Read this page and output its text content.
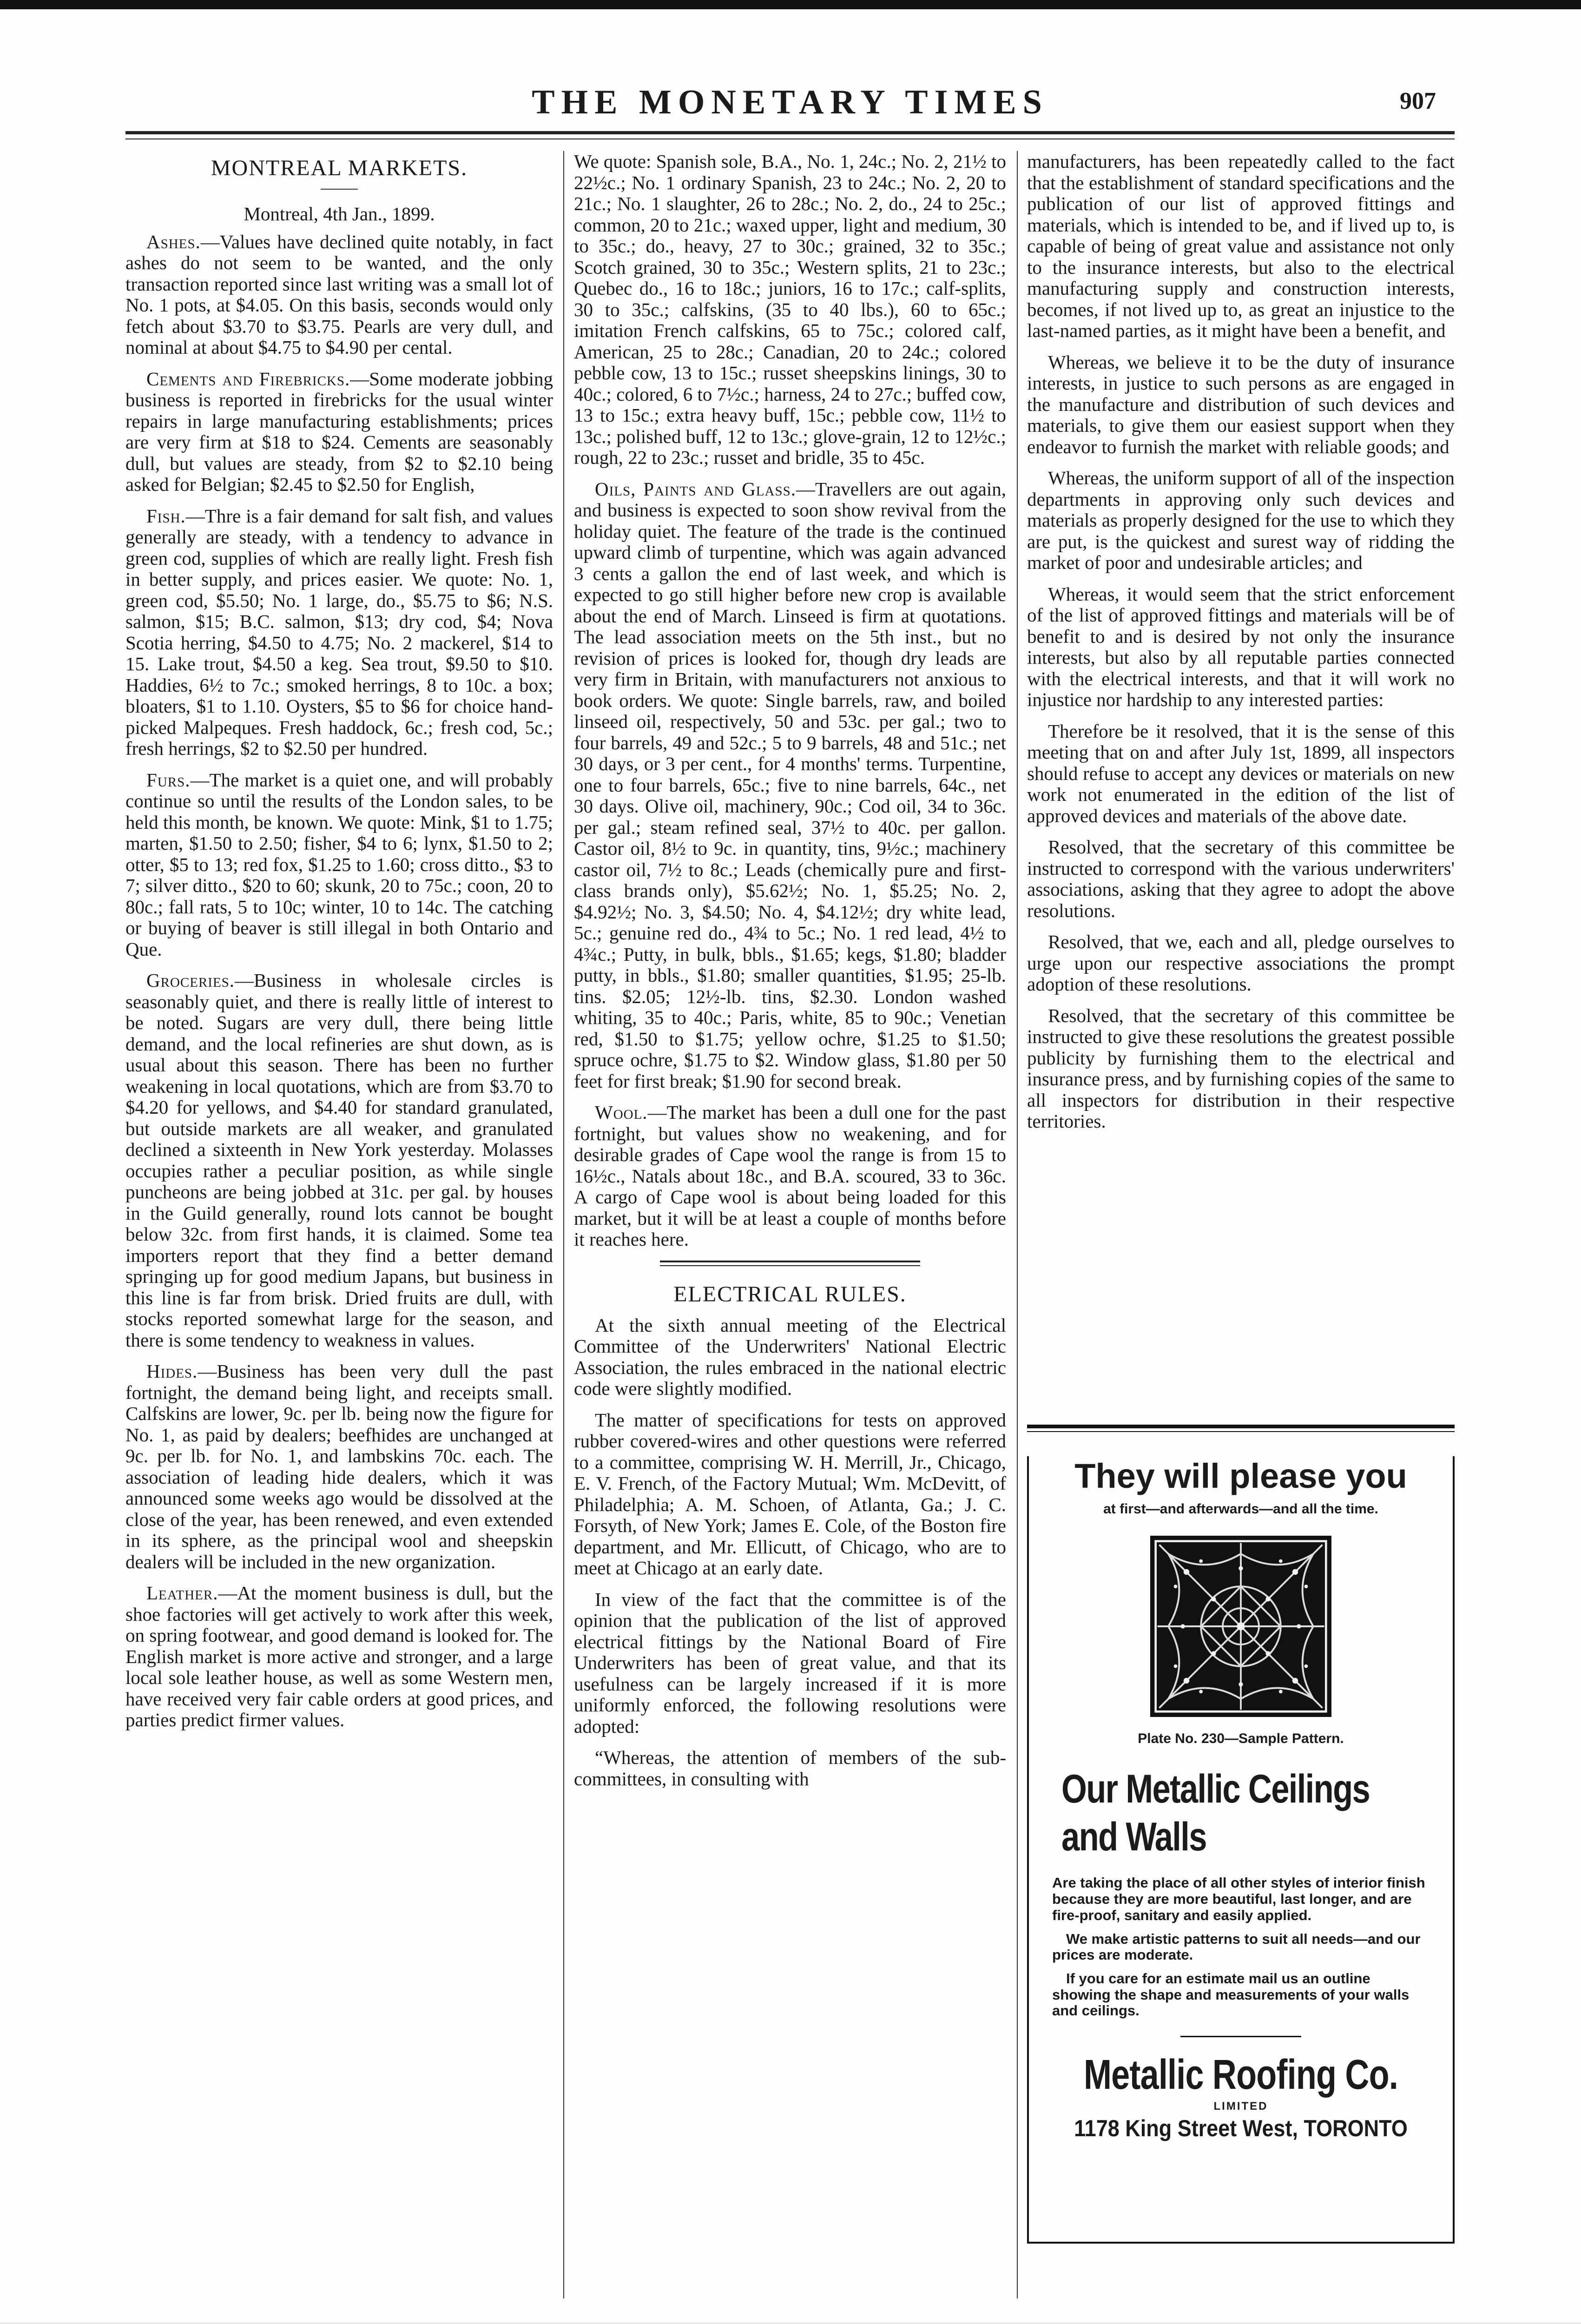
THE MONETARY TIMES	907
MONTREAL MARKETS.
Montreal, 4th Jan., 1899.

Ashes.—Values have declined quite notably, in fact ashes do not seem to be wanted, and the only transaction reported since last writing was a small lot of No. 1 pots, at $4.05. On this basis, seconds would only fetch about $3.70 to $3.75. Pearls are very dull, and nominal at about $4.75 to $4.90 per cental.

Cements and Firebricks.—Some moderate jobbing business is reported in firebricks for the usual winter repairs in large manufacturing establishments; prices are very firm at $18 to $24. Cements are seasonably dull, but values are steady, from $2 to $2.10 being asked for Belgian; $2.45 to $2.50 for English,

Fish.—Thre is a fair demand for salt fish, and values generally are steady, with a tendency to advance in green cod, supplies of which are really light. Fresh fish in better supply, and prices easier. We quote: No. 1, green cod, $5.50; No. 1 large, do., $5.75 to $6; N.S. salmon, $15; B.C. salmon, $13; dry cod, $4; Nova Scotia herring, $4.50 to 4.75; No. 2 mackerel, $14 to 15. Lake trout, $4.50 a keg. Sea trout, $9.50 to $10. Haddies, 6½ to 7c.; smoked herrings, 8 to 10c. a box; bloaters, $1 to 1.10. Oysters, $5 to $6 for choice hand-picked Malpeques. Fresh haddock, 6c.; fresh cod, 5c.; fresh herrings, $2 to $2.50 per hundred.

Furs.—The market is a quiet one, and will probably continue so until the results of the London sales, to be held this month, be known. We quote: Mink, $1 to 1.75; marten, $1.50 to 2.50; fisher, $4 to 6; lynx, $1.50 to 2; otter, $5 to 13; red fox, $1.25 to 1.60; cross ditto., $3 to 7; silver ditto., $20 to 60; skunk, 20 to 75c.; coon, 20 to 80c.; fall rats, 5 to 10c; winter, 10 to 14c. The catching or buying of beaver is still illegal in both Ontario and Que.

Groceries.—Business in wholesale circles is seasonably quiet, and there is really little of interest to be noted. Sugars are very dull, there being little demand, and the local refineries are shut down, as is usual about this season. There has been no further weakening in local quotations, which are from $3.70 to $4.20 for yellows, and $4.40 for standard granulated, but outside markets are all weaker, and granulated declined a sixteenth in New York yesterday. Molasses occupies rather a peculiar position, as while single puncheons are being jobbed at 31c. per gal. by houses in the Guild generally, round lots cannot be bought below 32c. from first hands, it is claimed. Some tea importers report that they find a better demand springing up for good medium Japans, but business in this line is far from brisk. Dried fruits are dull, with stocks reported somewhat large for the season, and there is some tendency to weakness in values.

Hides.—Business has been very dull the past fortnight, the demand being light, and receipts small. Calfskins are lower, 9c. per lb. being now the figure for No. 1, as paid by dealers; beefhides are unchanged at 9c. per lb. for No. 1, and lambskins 70c. each. The association of leading hide dealers, which it was announced some weeks ago would be dissolved at the close of the year, has been renewed, and even extended in its sphere, as the principal wool and sheepskin dealers will be included in the new organization.

Leather.—At the moment business is dull, but the shoe factories will get actively to work after this week, on spring footwear, and good demand is looked for. The English market is more active and stronger, and a large local sole leather house, as well as some Western men, have received very fair cable orders at good prices, and parties predict firmer values.

We quote: Spanish sole, B.A., No. 1, 24c.; No. 2, 21½ to 22½c.; No. 1 ordinary Spanish, 23 to 24c.; No. 2, 20 to 21c.; No. 1 slaughter, 26 to 28c.; No. 2, do., 24 to 25c.; common, 20 to 21c.; waxed upper, light and medium, 30 to 35c.; do., heavy, 27 to 30c.; grained, 32 to 35c.; Scotch grained, 30 to 35c.; Western splits, 21 to 23c.; Quebec do., 16 to 18c.; juniors, 16 to 17c.; calf-splits, 30 to 35c.; calfskins, (35 to 40 lbs.), 60 to 65c.; imitation French calfskins, 65 to 75c.; colored calf, American, 25 to 28c.; Canadian, 20 to 24c.; colored pebble cow, 13 to 15c.; russet sheepskins linings, 30 to 40c.; colored, 6 to 7½c.; harness, 24 to 27c.; buffed cow, 13 to 15c.; extra heavy buff, 15c.; pebble cow, 11½ to 13c.; polished buff, 12 to 13c.; glove-grain, 12 to 12½c.; rough, 22 to 23c.; russet and bridle, 35 to 45c.

Oils, Paints and Glass.—Travellers are out again, and business is expected to soon show revival from the holiday quiet. The feature of the trade is the continued upward climb of turpentine, which was again advanced 3 cents a gallon the end of last week, and which is expected to go still higher before new crop is available about the end of March. Linseed is firm at quotations. The lead association meets on the 5th inst., but no revision of prices is looked for, though dry leads are very firm in Britain, with manufacturers not anxious to book orders. We quote: Single barrels, raw, and boiled linseed oil, respectively, 50 and 53c. per gal.; two to four barrels, 49 and 52c.; 5 to 9 barrels, 48 and 51c.; net 30 days, or 3 per cent., for 4 months' terms. Turpentine, one to four barrels, 65c.; five to nine barrels, 64c., net 30 days. Olive oil, machinery, 90c.; Cod oil, 34 to 36c. per gal.; steam refined seal, 37½ to 40c. per gallon. Castor oil, 8½ to 9c. in quantity, tins, 9½c.; machinery castor oil, 7½ to 8c.; Leads (chemically pure and first-class brands only), $5.62½; No. 1, $5.25; No. 2, $4.92½; No. 3, $4.50; No. 4, $4.12½; dry white lead, 5c.; genuine red do., 4¾ to 5c.; No. 1 red lead, 4½ to 4¾c.; Putty, in bulk, bbls., $1.65; kegs, $1.80; bladder putty, in bbls., $1.80; smaller quantities, $1.95; 25-lb. tins. $2.05; 12½-lb. tins, $2.30. London washed whiting, 35 to 40c.; Paris, white, 85 to 90c.; Venetian red, $1.50 to $1.75; yellow ochre, $1.25 to $1.50; spruce ochre, $1.75 to $2. Window glass, $1.80 per 50 feet for first break; $1.90 for second break.

Wool.—The market has been a dull one for the past fortnight, but values show no weakening, and for desirable grades of Cape wool the range is from 15 to 16½c., Natals about 18c., and B.A. scoured, 33 to 36c. A cargo of Cape wool is about being loaded for this market, but it will be at least a couple of months before it reaches here.

ELECTRICAL RULES.

At the sixth annual meeting of the Electrical Committee of the Underwriters' National Electric Association, the rules embraced in the national electric code were slightly modified.

The matter of specifications for tests on approved rubber covered-wires and other questions were referred to a committee, comprising W. H. Merrill, Jr., Chicago, E. V. French, of the Factory Mutual; Wm. McDevitt, of Philadelphia; A. M. Schoen, of Atlanta, Ga.; J. C. Forsyth, of New York; James E. Cole, of the Boston fire department, and Mr. Ellicutt, of Chicago, who are to meet at Chicago at an early date.

In view of the fact that the committee is of the opinion that the publication of the list of approved electrical fittings by the National Board of Fire Underwriters has been of great value, and that its usefulness can be largely increased if it is more uniformly enforced, the following resolutions were adopted:

“Whereas, the attention of members of the sub-committees, in consulting with

manufacturers, has been repeatedly called to the fact that the establishment of standard specifications and the publication of our list of approved fittings and materials, which is intended to be, and if lived up to, is capable of being of great value and assistance not only to the insurance interests, but also to the electrical manufacturing supply and construction interests, becomes, if not lived up to, as great an injustice to the last-named parties, as it might have been a benefit, and

Whereas, we believe it to be the duty of insurance interests, in justice to such persons as are engaged in the manufacture and distribution of such devices and materials, to give them our easiest support when they endeavor to furnish the market with reliable goods; and

Whereas, the uniform support of all of the inspection departments in approving only such devices and materials as properly designed for the use to which they are put, is the quickest and surest way of ridding the market of poor and undesirable articles; and

Whereas, it would seem that the strict enforcement of the list of approved fittings and materials will be of benefit to and is desired by not only the insurance interests, but also by all reputable parties connected with the electrical interests, and that it will work no injustice nor hardship to any interested parties:

Therefore be it resolved, that it is the sense of this meeting that on and after July 1st, 1899, all inspectors should refuse to accept any devices or materials on new work not enumerated in the edition of the list of approved devices and materials of the above date.

Resolved, that the secretary of this committee be instructed to correspond with the various underwriters' associations, asking that they agree to adopt the above resolutions.

Resolved, that we, each and all, pledge ourselves to urge upon our respective associations the prompt adoption of these resolutions.

Resolved, that the secretary of this committee be instructed to give these resolutions the greatest possible publicity by furnishing them to the electrical and insurance press, and by furnishing copies of the same to all inspectors for distribution in their respective territories.

They will please you
at first—and afterwards—and all the time.
Plate No. 230—Sample Pattern.
Our Metallic Ceilings
and Walls

Are taking the place of all other styles of interior finish because they are more beautiful, last longer, and are fire-proof, sanitary and easily applied.

We make artistic patterns to suit all needs—and our prices are moderate.

If you care for an estimate mail us an outline showing the shape and measurements of your walls and ceilings.

Metallic Roofing Co.
LIMITED
1178 King Street West, TORONTO
